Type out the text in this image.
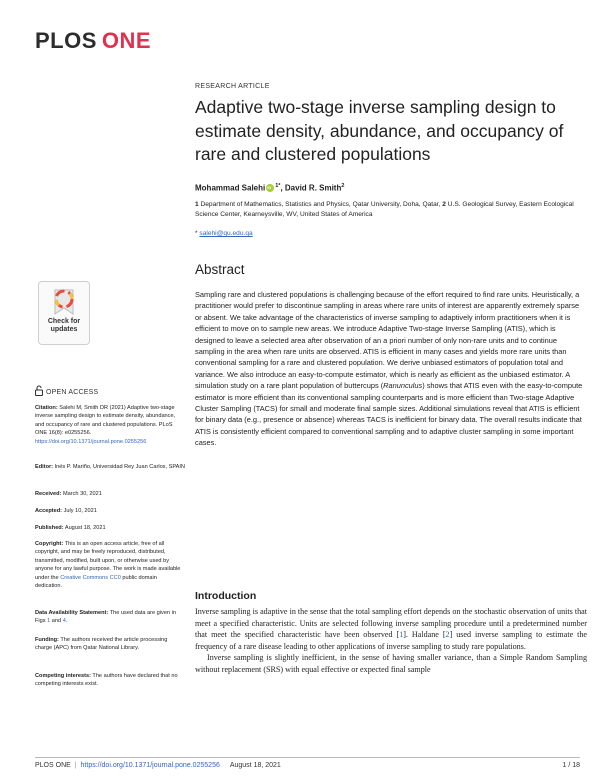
PLOS ONE
RESEARCH ARTICLE
Adaptive two-stage inverse sampling design to estimate density, abundance, and occupancy of rare and clustered populations
Mohammad SalehiiD $^{1*}$, David R. Smith$^2$
1 Department of Mathematics, Statistics and Physics, Qatar University, Doha, Qatar, 2 U.S. Geological Survey, Eastern Ecological Science Center, Kearneysville, WV, United States of America
* salehi@qu.edu.qa
Abstract

Sampling rare and clustered populations is challenging because of the effort required to find rare units. Heuristically, a practitioner would prefer to discontinue sampling in areas where rare units of interest are apparently extremely sparse or absent. We take advantage of the characteristics of inverse sampling to adaptively inform practitioners when it is efficient to move on to sample new areas. We introduce Adaptive Two-stage Inverse Sampling (ATIS), which is designed to leave a selected area after observation of an a priori number of only non-rare units and to continue sampling in the area when rare units are observed. ATIS is efficient in many cases and yields more rare units than conventional sampling for a rare and clustered population. We derive unbiased estimators of population total and variance. We also introduce an easy-to-compute estimator, which is nearly as efficient as the unbiased estimator. A simulation study on a rare plant population of buttercups (Ranunculus) shows that ATIS even with the easy-to-compute estimator is more efficient than its conventional sampling counterparts and is more efficient than Two-stage Adaptive Cluster Sampling (TACS) for small and moderate final sample sizes. Additional simulations reveal that ATIS is efficient for binary data (e.g., presence or absence) whereas TACS is inefficient for binary data. The overall results indicate that ATIS is consistently efficient compared to conventional sampling and to adaptive cluster sampling in some important cases.

Introduction

Inverse sampling is adaptive in the sense that the total sampling effort depends on the stochastic observation of units that meet a specified characteristic. Units are selected following inverse sampling procedure until a predetermined number that meet the specified characteristic have been observed [1]. Haldane [2] used inverse sampling to estimate the frequency of a rare disease leading to other applications of inverse sampling to study rare populations.

Inverse sampling is slightly inefficient, in the sense of having smaller variance, than a Simple Random Sampling without replacement (SRS) with equal effective or expected final sample

Check for
updates
OPEN ACCESS
Citation: Salehi M, Smith DR (2021) Adaptive two-stage inverse sampling design to estimate density, abundance, and occupancy of rare and clustered populations. PLoS ONE 16(8): e0255256. https://doi.org/10.1371/journal.pone.0255256
Editor: Inés P. Mariño, Universidad Rey Juan Carlos, SPAIN
Received: March 30, 2021
Accepted: July 10, 2021
Published: August 18, 2021
Copyright: This is an open access article, free of all copyright, and may be freely reproduced, distributed, transmitted, modified, built upon, or otherwise used by anyone for any lawful purpose. The work is made available under the Creative Commons CC0 public domain dedication.
Data Availability Statement: The used data are given in Figs 1 and 4.
Funding: The authors received the article processing charge (APC) from Qatar National Library.
Competing interests: The authors have declared that no competing interests exist.
PLOS ONE | https://doi.org/10.1371/journal.pone.0255256 August 18, 2021	1 / 18
